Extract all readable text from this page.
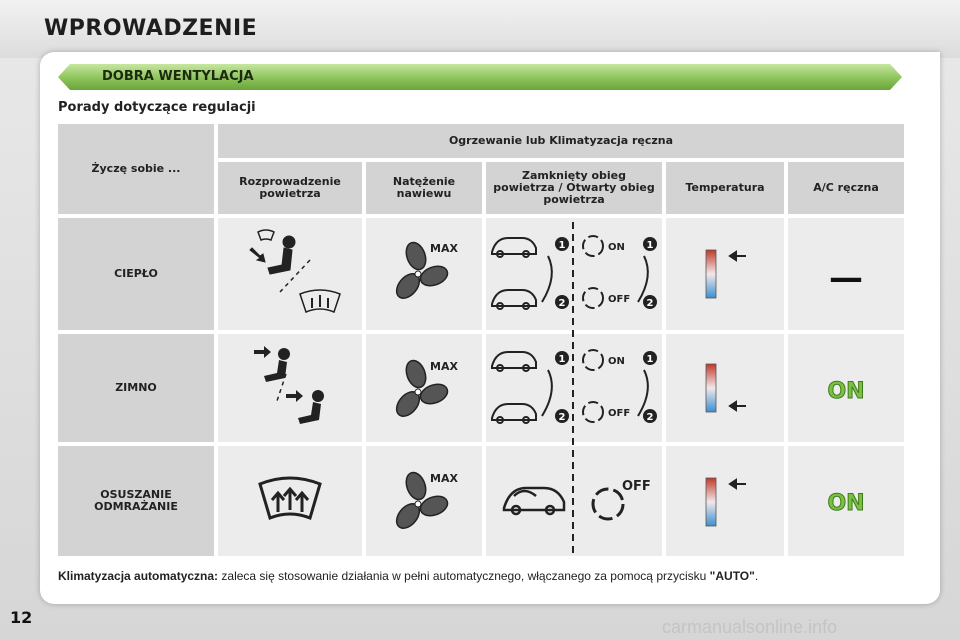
WPROWADZENIE
DOBRA WENTYLACJA
Porady dotyczące regulacji
Życzę sobie ...
Ogrzewanie lub Klimatyzacja ręczna
Rozprowadzenie powietrza
Natężenie nawiewu
Zamknięty obieg powietrza / Otwarty obieg powietrza
Temperatura	A/C ręczna
CIEPŁO
ZIMNO
OSUSZANIE ODMRAŻANIE
MAX
MAX
MAX
1
2
ON
OFF
1
2
1
2
ON
OFF
1
2
OFF
—
ON
ON
Klimatyzacja automatyczna: zaleca się stosowanie działania w pełni automatycznego, włączanego za pomocą przycisku "AUTO".
12	carmanualsonline.info
